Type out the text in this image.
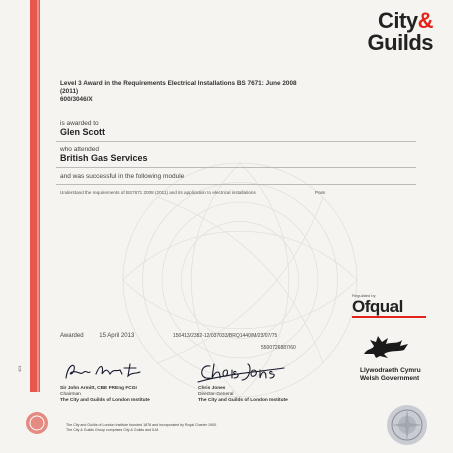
City&
Guilds
Level 3 Award in the Requirements Electrical Installations BS 7671: June 2008 (2011)
600/3046/X
is awarded to
Glen Scott
who attended
British Gas Services
and was successful in the following module
Understand the requirements of BS7671 2008 (2011) and its application to electrical installations	Pass
Regulated by
Ofqual
Awarded	15 April 2013	150413/2382-12/037033/BRQ1440/M/23/07/75
5500726887/60
Sir John Armitt, CBE FREng FCGI
Chairman
The City and Guilds of London Institute
Chris Jones
Director-General
The City and Guilds of London Institute
Llywodraeth Cymru
Welsh Government
The City and Guilds of London Institute founded 1878 and incorporated by Royal Charter 1900.
The City & Guilds Group comprises City & Guilds and ILM.
401
